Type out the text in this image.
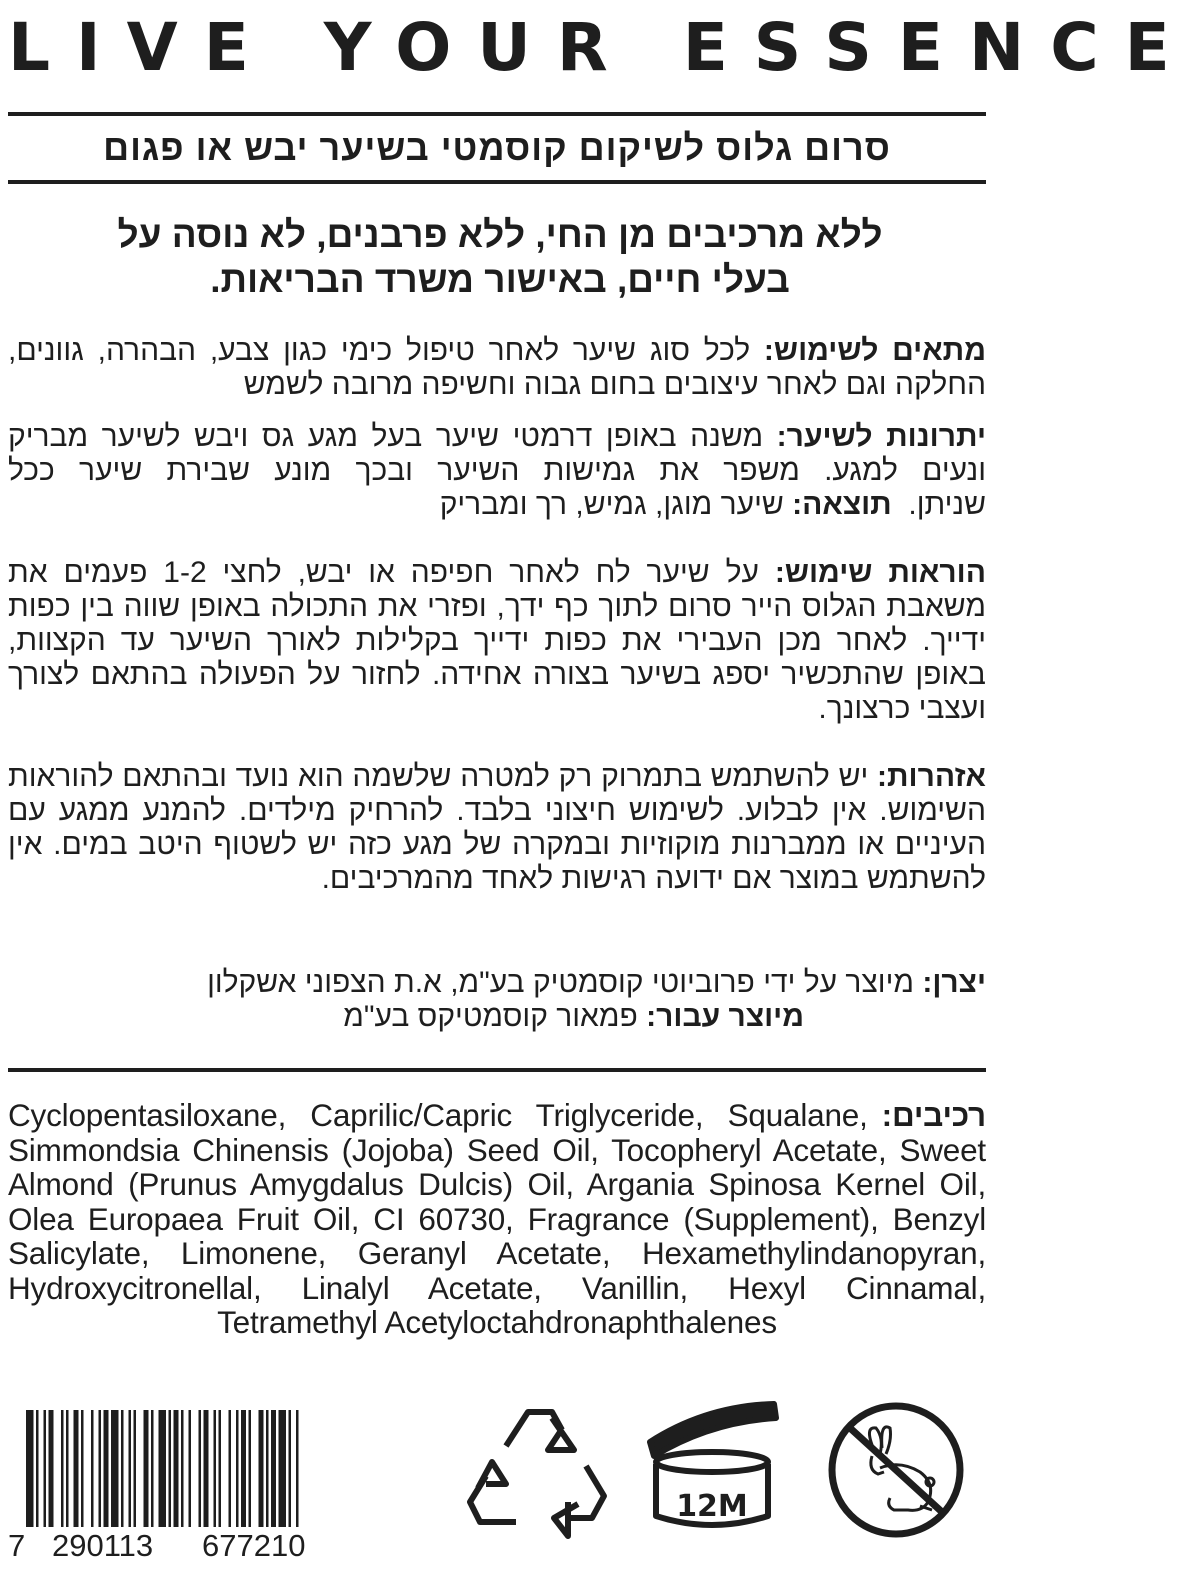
LIVE YOUR ESSENCE
סרום גלוס לשיקום קוסמטי בשיער יבש או פגום
ללא מרכיבים מן החי, ללא פרבנים, לא נוסה על
בעלי חיים, באישור משרד הבריאות.

מתאים לשימוש: לכל סוג שיער לאחר טיפול כימי כגון צבע, הבהרה, גוונים, החלקה וגם לאחר עיצובים בחום גבוה וחשיפה מרובה לשמש

יתרונות לשיער: משנה באופן דרמטי שיער בעל מגע גס ויבש לשיער מבריק ונעים למגע. משפר את גמישות השיער ובכך מונע שבירת שיער ככל שניתן.  תוצאה: שיער מוגן, גמיש, רך ומבריק

הוראות שימוש: על שיער לח לאחר חפיפה או יבש, לחצי 1-2 פעמים את משאבת הגלוס הייר סרום לתוך כף ידך, ופזרי את התכולה באופן שווה בין כפות ידייך. לאחר מכן העבירי את כפות ידייך בקלילות לאורך השיער עד הקצוות, באופן שהתכשיר יספג בשיער בצורה אחידה. לחזור על הפעולה בהתאם לצורך ועצבי כרצונך.

אזהרות: יש להשתמש בתמרוק רק למטרה שלשמה הוא נועד ובהתאם להוראות השימוש. אין לבלוע. לשימוש חיצוני בלבד. להרחיק מילדים. להמנע ממגע עם העיניים או ממברנות מוקוזיות ובמקרה של מגע כזה יש לשטוף היטב במים. אין להשתמש במוצר אם ידועה רגישות לאחד מהמרכיבים.

יצרן: מיוצר על ידי פרוביוטי קוסמטיק בע"מ, א.ת הצפוני אשקלון
מיוצר עבור: פמאור קוסמטיקס בע"מ

רכיבים:
Cyclopentasiloxane, Caprilic/Capric Triglyceride, Squalane, Simmondsia Chinensis (Jojoba) Seed Oil, Tocopheryl Acetate, Sweet Almond (Prunus Amygdalus Dulcis) Oil, Argania Spinosa Kernel Oil, Olea Europaea Fruit Oil, CI 60730, Fragrance (Supplement), Benzyl Salicylate, Limonene, Geranyl Acetate, Hexamethylindanopyran, Hydroxycitronellal, Linalyl Acetate, Vanillin, Hexyl Cinnamal, Tetramethyl Acetyloctahdronaphthalenes

7 290113 677210
12M
